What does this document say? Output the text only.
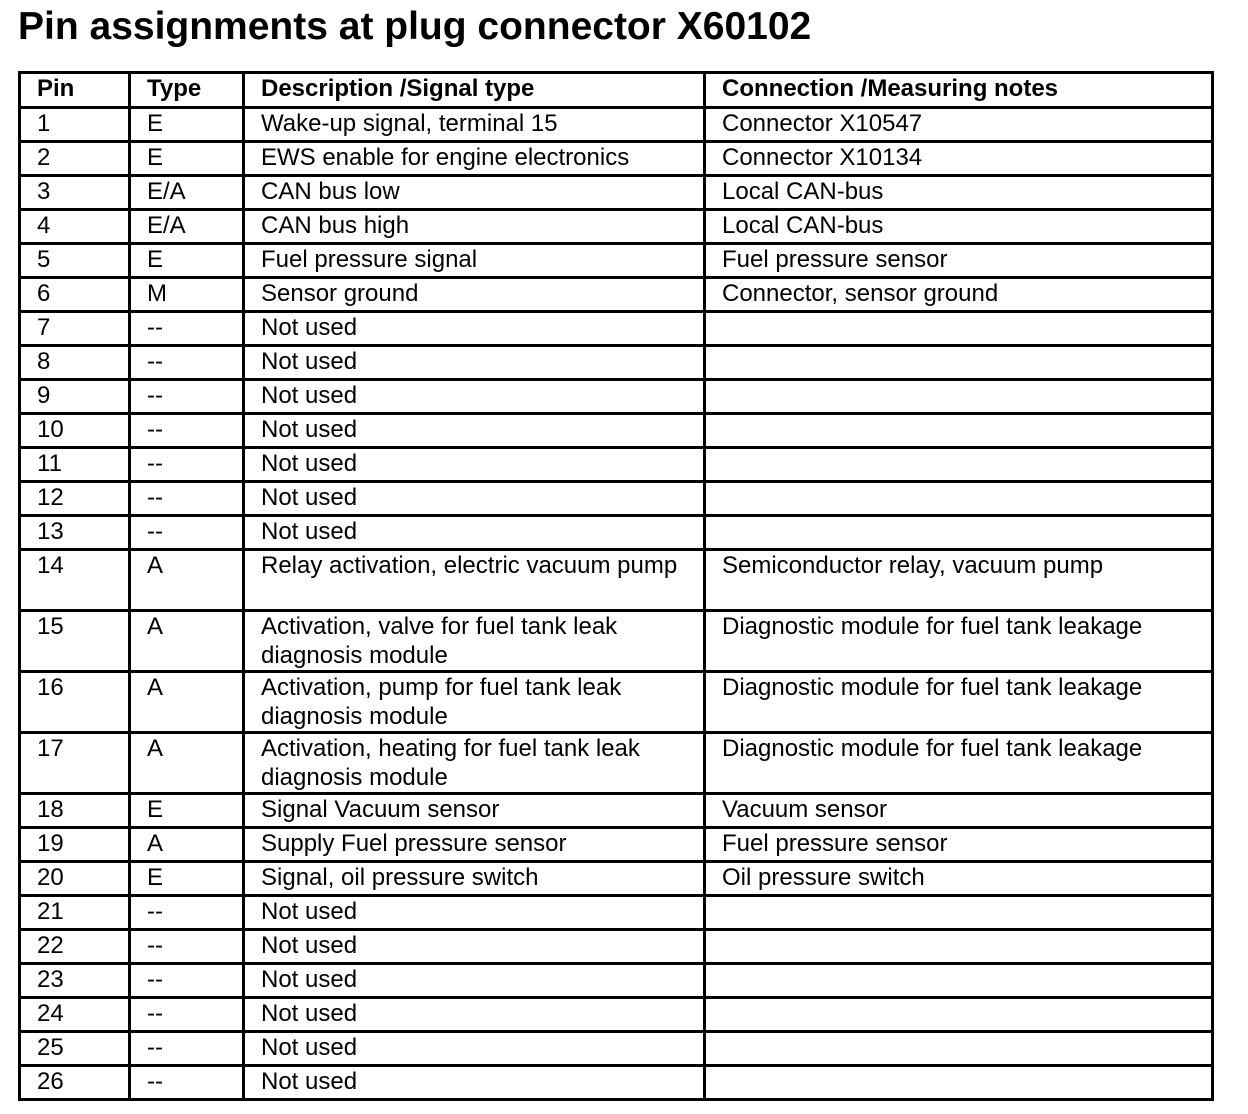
Pin assignments at plug connector X60102
Pin	Type	Description /Signal type	Connection /Measuring notes
1	E	Wake-up signal, terminal 15	Connector X10547
2	E	EWS enable for engine electronics	Connector X10134
3	E/A	CAN bus low	Local CAN-bus
4	E/A	CAN bus high	Local CAN-bus
5	E	Fuel pressure signal	Fuel pressure sensor
6	M	Sensor ground	Connector, sensor ground
7	--	Not used	
8	--	Not used	
9	--	Not used	
10	--	Not used	
11	--	Not used	
12	--	Not used	
13	--	Not used	
14	A	Relay activation, electric vacuum pump	Semiconductor relay, vacuum pump
15	A	Activation, valve for fuel tank leak diagnosis module	Diagnostic module for fuel tank leakage
16	A	Activation, pump for fuel tank leak diagnosis module	Diagnostic module for fuel tank leakage
17	A	Activation, heating for fuel tank leak diagnosis module	Diagnostic module for fuel tank leakage
18	E	Signal Vacuum sensor	Vacuum sensor
19	A	Supply Fuel pressure sensor	Fuel pressure sensor
20	E	Signal, oil pressure switch	Oil pressure switch
21	--	Not used	
22	--	Not used	
23	--	Not used	
24	--	Not used	
25	--	Not used	
26	--	Not used	
